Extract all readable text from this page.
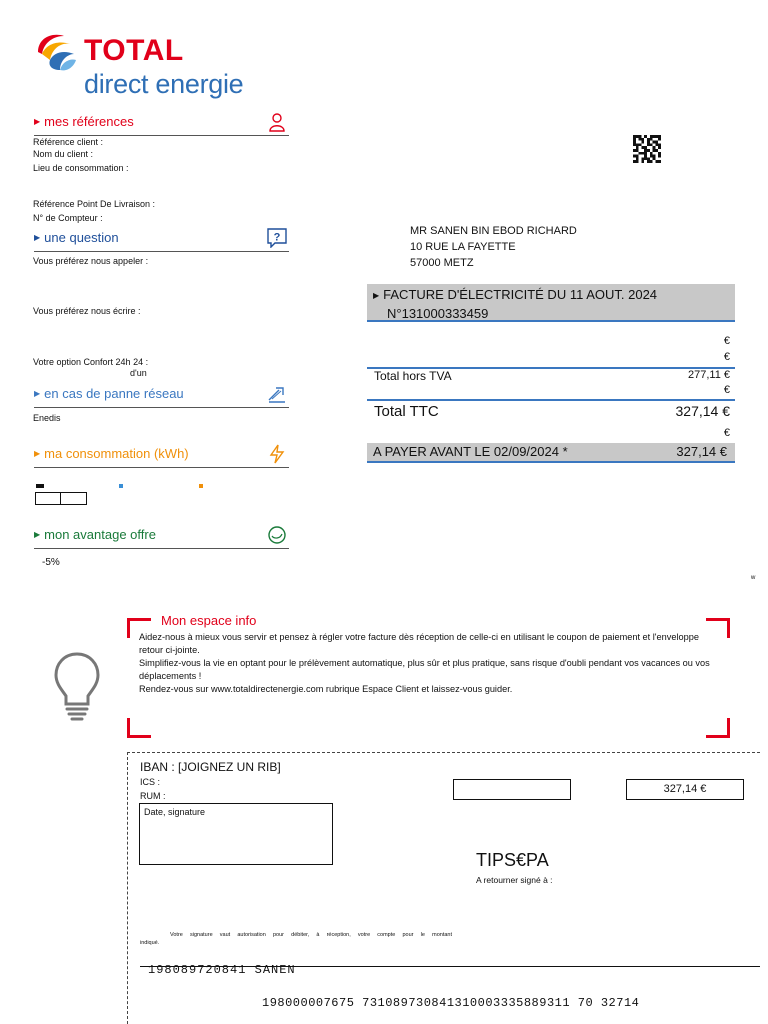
TOTAL
direct energie
▶ mes références
Référence client :
Nom du client :
Lieu de consommation :
Référence Point De Livraison :
N° de Compteur :
▶ une question	?
Vous préférez nous appeler :
Vous préférez nous écrire :
Votre option Confort 24h 24 :
d'un
▶ en cas de panne réseau
Enedis
▶ ma consommation (kWh)
▶ mon avantage offre
-5%
MR SANEN BIN EBOD RICHARD
10 RUE LA FAYETTE
57000 METZ
▶ FACTURE D'ÉLECTRICITÉ DU 11 AOUT. 2024
N°131000333459
€
€
Total hors TVA	277,11 €
€
Total TTC	327,14 €
€
A PAYER AVANT LE 02/09/2024 *	327,14 €
ʷ
Mon espace info

Aidez-nous à mieux vous servir et pensez à régler votre facture dès réception de celle-ci en utilisant le coupon de paiement et l'enveloppe retour ci-jointe.

Simplifiez-vous la vie en optant pour le prélèvement automatique, plus sûr et plus pratique, sans risque d'oubli pendant vos vacances ou vos déplacements !

Rendez-vous sur www.totaldirectenergie.com rubrique Espace Client et laissez-vous guider.

IBAN : [JOIGNEZ UN RIB]
ICS :
RUM :
327,14 €
Date, signature
TIPS€PA
A retourner signé à :
Votre signature vaut autorisation pour débiter, à réception, votre compte pour le montant
indiqué.
198089720841 SANEN
198000007675 731089730841310003335889311 70 32714
